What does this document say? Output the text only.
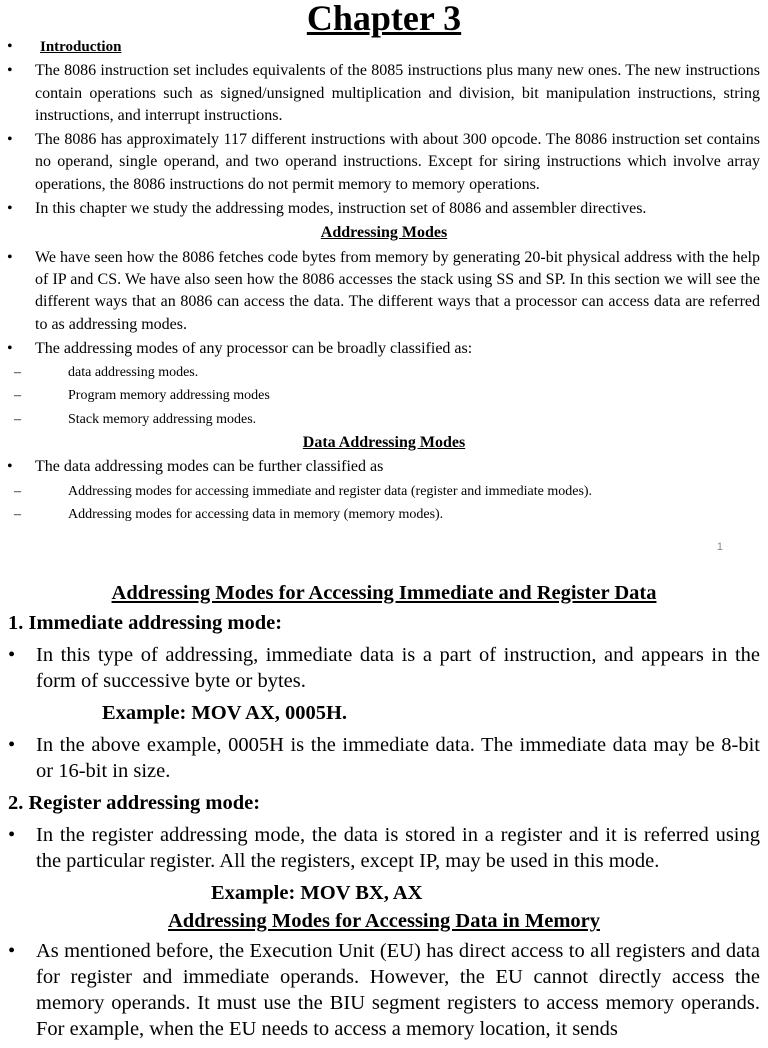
Chapter 3
• Introduction
• The 8086 instruction set includes equivalents of the 8085 instructions plus many new ones. The new instructions contain operations such as signed/unsigned multiplication and division, bit manipulation instructions, string instructions, and interrupt instructions.
• The 8086 has approximately 117 different instructions with about 300 opcode. The 8086 instruction set contains no operand, single operand, and two operand instructions. Except for siring instructions which involve array operations, the 8086 instructions do not permit memory to memory operations.
• In this chapter we study the addressing modes, instruction set of 8086 and assembler directives.
Addressing Modes
• We have seen how the 8086 fetches code bytes from memory by generating 20-bit physical address with the help of IP and CS. We have also seen how the 8086 accesses the stack using SS and SP. In this section we will see the different ways that an 8086 can access the data. The different ways that a processor can access data are referred to as addressing modes.
• The addressing modes of any processor can be broadly classified as:
–	data addressing modes.
–	Program memory addressing modes
–	Stack memory addressing modes.
Data Addressing Modes
• The data addressing modes can be further classified as
–	Addressing modes for accessing immediate and register data (register and immediate modes).
–	Addressing modes for accessing data in memory (memory modes).
1
Addressing Modes for Accessing Immediate and Register Data
1. Immediate addressing mode:
• In this type of addressing, immediate data is a part of instruction, and appears in the form of successive byte or bytes.
Example: MOV AX, 0005H.
• In the above example, 0005H is the immediate data. The immediate data may be 8-bit or 16-bit in size.
2. Register addressing mode:
• In the register addressing mode, the data is stored in a register and it is referred using the particular register. All the registers, except IP, may be used in this mode.
Example: MOV BX, AX
Addressing Modes for Accessing Data in Memory
• As mentioned before, the Execution Unit (EU) has direct access to all registers and data for register and immediate operands. However, the EU cannot directly access the memory operands. It must use the BIU segment registers to access memory operands. For example, when the EU needs to access a memory location, it sends
